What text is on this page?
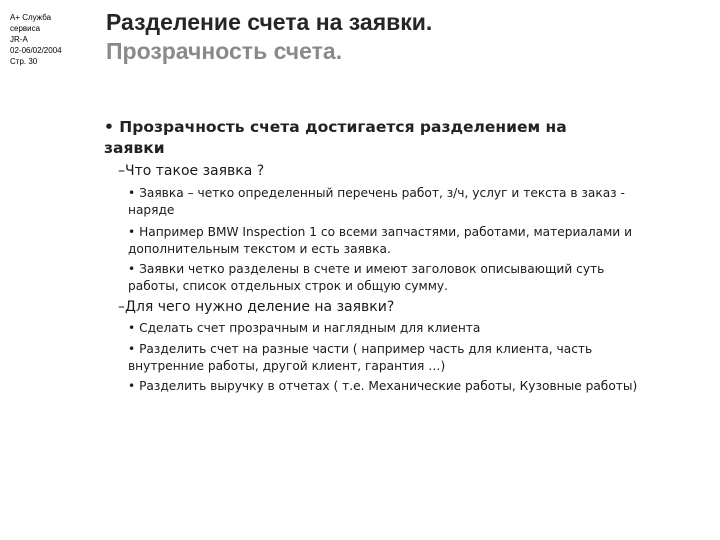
A+ Служба
сервиса
JR-A
02-06/02/2004
Стр. 30
Разделение счета на заявки.
Прозрачность счета.
• Прозрачность счета достигается разделением на
заявки
–Что такое заявка ?
• Заявка – четко определенный перечень работ, з/ч, услуг и текста в заказ -
наряде
• Например BMW Inspection 1 со всеми запчастями, работами, материалами и
дополнительным текстом и есть заявка.
• Заявки четко разделены в счете и имеют заголовок описывающий суть
работы, список отдельных строк и общую сумму.
–Для чего нужно деление на заявки?
• Сделать счет прозрачным и наглядным для клиента
• Разделить счет на разные части ( например часть для клиента, часть
внутренние работы, другой клиент, гарантия …)
• Разделить выручку в отчетах ( т.е. Механические работы, Кузовные работы)
